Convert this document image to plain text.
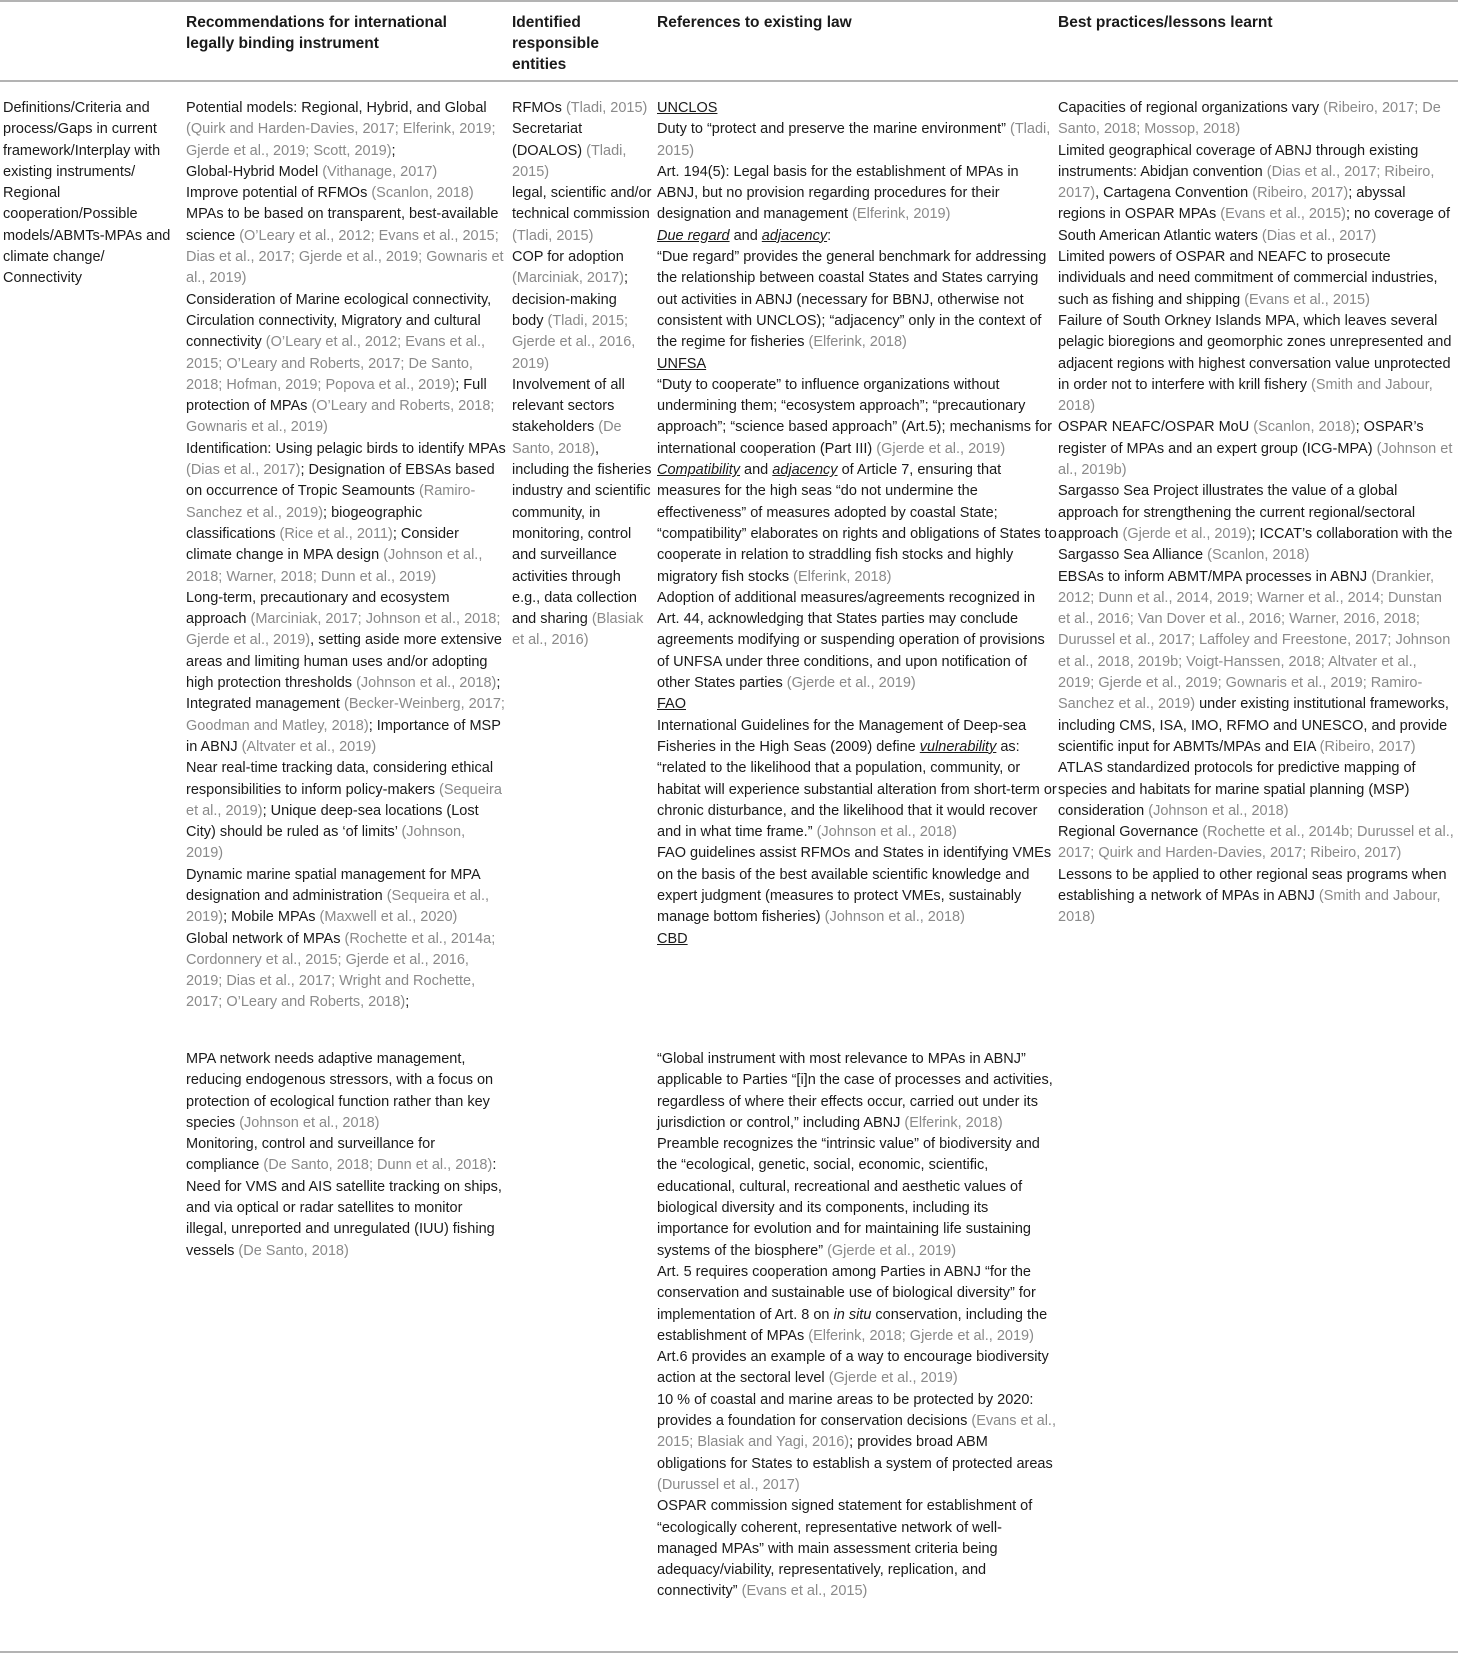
Recommendations for international legally binding instrument
Identified responsible entities
References to existing law	Best practices/lessons learnt
Definitions/Criteria and process/Gaps in current framework/Interplay with existing instruments/ Regional cooperation/Possible models/ABMTs-MPAs and climate change/ Connectivity

Potential models: Regional, Hybrid, and Global (Quirk and Harden-Davies, 2017; Elferink, 2019; Gjerde et al., 2019; Scott, 2019);

Global-Hybrid Model (Vithanage, 2017)

Improve potential of RFMOs (Scanlon, 2018)

MPAs to be based on transparent, best-available science (O’Leary et al., 2012; Evans et al., 2015; Dias et al., 2017; Gjerde et al., 2019; Gownaris et al., 2019)

Consideration of Marine ecological connectivity, Circulation connectivity, Migratory and cultural connectivity (O’Leary et al., 2012; Evans et al., 2015; O’Leary and Roberts, 2017; De Santo, 2018; Hofman, 2019; Popova et al., 2019); Full protection of MPAs (O’Leary and Roberts, 2018; Gownaris et al., 2019)

Identification: Using pelagic birds to identify MPAs (Dias et al., 2017); Designation of EBSAs based on occurrence of Tropic Seamounts (Ramiro-Sanchez et al., 2019); biogeographic classifications (Rice et al., 2011); Consider climate change in MPA design (Johnson et al., 2018; Warner, 2018; Dunn et al., 2019)

Long-term, precautionary and ecosystem approach (Marciniak, 2017; Johnson et al., 2018; Gjerde et al., 2019), setting aside more extensive areas and limiting human uses and/or adopting high protection thresholds (Johnson et al., 2018); Integrated management (Becker-Weinberg, 2017; Goodman and Matley, 2018); Importance of MSP in ABNJ (Altvater et al., 2019)

Near real-time tracking data, considering ethical responsibilities to inform policy-makers (Sequeira et al., 2019); Unique deep-sea locations (Lost City) should be ruled as ‘of limits’ (Johnson, 2019)

Dynamic marine spatial management for MPA designation and administration (Sequeira et al., 2019); Mobile MPAs (Maxwell et al., 2020)

Global network of MPAs (Rochette et al., 2014a; Cordonnery et al., 2015; Gjerde et al., 2016, 2019; Dias et al., 2017; Wright and Rochette, 2017; O’Leary and Roberts, 2018);

MPA network needs adaptive management, reducing endogenous stressors, with a focus on protection of ecological function rather than key species (Johnson et al., 2018)

Monitoring, control and surveillance for compliance (De Santo, 2018; Dunn et al., 2018): Need for VMS and AIS satellite tracking on ships, and via optical or radar satellites to monitor illegal, unreported and unregulated (IUU) fishing vessels (De Santo, 2018)

RFMOs (Tladi, 2015)

Secretariat (DOALOS) (Tladi, 2015)

legal, scientific and/or technical commission (Tladi, 2015)

COP for adoption (Marciniak, 2017); decision-making body (Tladi, 2015; Gjerde et al., 2016, 2019)

Involvement of all relevant sectors stakeholders (De Santo, 2018), including the fisheries industry and scientific community, in monitoring, control and surveillance activities through e.g., data collection and sharing (Blasiak et al., 2016)

UNCLOS

Duty to “protect and preserve the marine environment” (Tladi, 2015)

Art. 194(5): Legal basis for the establishment of MPAs in ABNJ, but no provision regarding procedures for their designation and management (Elferink, 2019)

Due regard and adjacency:

“Due regard” provides the general benchmark for addressing the relationship between coastal States and States carrying out activities in ABNJ (necessary for BBNJ, otherwise not consistent with UNCLOS); “adjacency” only in the context of the regime for fisheries (Elferink, 2018)

UNFSA

“Duty to cooperate” to influence organizations without undermining them; “ecosystem approach”; “precautionary approach”; “science based approach” (Art.5); mechanisms for international cooperation (Part III) (Gjerde et al., 2019)

Compatibility and adjacency of Article 7, ensuring that measures for the high seas “do not undermine the effectiveness” of measures adopted by coastal State; “compatibility” elaborates on rights and obligations of States to cooperate in relation to straddling fish stocks and highly migratory fish stocks (Elferink, 2018)

Adoption of additional measures/agreements recognized in Art. 44, acknowledging that States parties may conclude agreements modifying or suspending operation of provisions of UNFSA under three conditions, and upon notification of other States parties (Gjerde et al., 2019)

FAO

International Guidelines for the Management of Deep-sea Fisheries in the High Seas (2009) define vulnerability as: “related to the likelihood that a population, community, or habitat will experience substantial alteration from short-term or chronic disturbance, and the likelihood that it would recover and in what time frame.” (Johnson et al., 2018)

FAO guidelines assist RFMOs and States in identifying VMEs on the basis of the best available scientific knowledge and expert judgment (measures to protect VMEs, sustainably manage bottom fisheries) (Johnson et al., 2018)

CBD

“Global instrument with most relevance to MPAs in ABNJ” applicable to Parties “[i]n the case of processes and activities, regardless of where their effects occur, carried out under its jurisdiction or control,” including ABNJ (Elferink, 2018)

Preamble recognizes the “intrinsic value” of biodiversity and the “ecological, genetic, social, economic, scientific, educational, cultural, recreational and aesthetic values of biological diversity and its components, including its importance for evolution and for maintaining life sustaining systems of the biosphere” (Gjerde et al., 2019)

Art. 5 requires cooperation among Parties in ABNJ “for the conservation and sustainable use of biological diversity” for implementation of Art. 8 on in situ conservation, including the establishment of MPAs (Elferink, 2018; Gjerde et al., 2019)

Art.6 provides an example of a way to encourage biodiversity action at the sectoral level (Gjerde et al., 2019)

10 % of coastal and marine areas to be protected by 2020: provides a foundation for conservation decisions (Evans et al., 2015; Blasiak and Yagi, 2016); provides broad ABM obligations for States to establish a system of protected areas (Durussel et al., 2017)

OSPAR commission signed statement for establishment of “ecologically coherent, representative network of well-managed MPAs” with main assessment criteria being adequacy/viability, representatively, replication, and connectivity” (Evans et al., 2015)

Capacities of regional organizations vary (Ribeiro, 2017; De Santo, 2018; Mossop, 2018)

Limited geographical coverage of ABNJ through existing instruments: Abidjan convention (Dias et al., 2017; Ribeiro, 2017), Cartagena Convention (Ribeiro, 2017); abyssal regions in OSPAR MPAs (Evans et al., 2015); no coverage of South American Atlantic waters (Dias et al., 2017)

Limited powers of OSPAR and NEAFC to prosecute individuals and need commitment of commercial industries, such as fishing and shipping (Evans et al., 2015)

Failure of South Orkney Islands MPA, which leaves several pelagic bioregions and geomorphic zones unrepresented and adjacent regions with highest conversation value unprotected in order not to interfere with krill fishery (Smith and Jabour, 2018)

OSPAR NEAFC/OSPAR MoU (Scanlon, 2018); OSPAR’s register of MPAs and an expert group (ICG-MPA) (Johnson et al., 2019b)

Sargasso Sea Project illustrates the value of a global approach for strengthening the current regional/sectoral approach (Gjerde et al., 2019); ICCAT’s collaboration with the Sargasso Sea Alliance (Scanlon, 2018)

EBSAs to inform ABMT/MPA processes in ABNJ (Drankier, 2012; Dunn et al., 2014, 2019; Warner et al., 2014; Dunstan et al., 2016; Van Dover et al., 2016; Warner, 2016, 2018; Durussel et al., 2017; Laffoley and Freestone, 2017; Johnson et al., 2018, 2019b; Voigt-Hanssen, 2018; Altvater et al., 2019; Gjerde et al., 2019; Gownaris et al., 2019; Ramiro-Sanchez et al., 2019) under existing institutional frameworks, including CMS, ISA, IMO, RFMO and UNESCO, and provide scientific input for ABMTs/MPAs and EIA (Ribeiro, 2017)

ATLAS standardized protocols for predictive mapping of species and habitats for marine spatial planning (MSP) consideration (Johnson et al., 2018)

Regional Governance (Rochette et al., 2014b; Durussel et al., 2017; Quirk and Harden-Davies, 2017; Ribeiro, 2017)

Lessons to be applied to other regional seas programs when establishing a network of MPAs in ABNJ (Smith and Jabour, 2018)
